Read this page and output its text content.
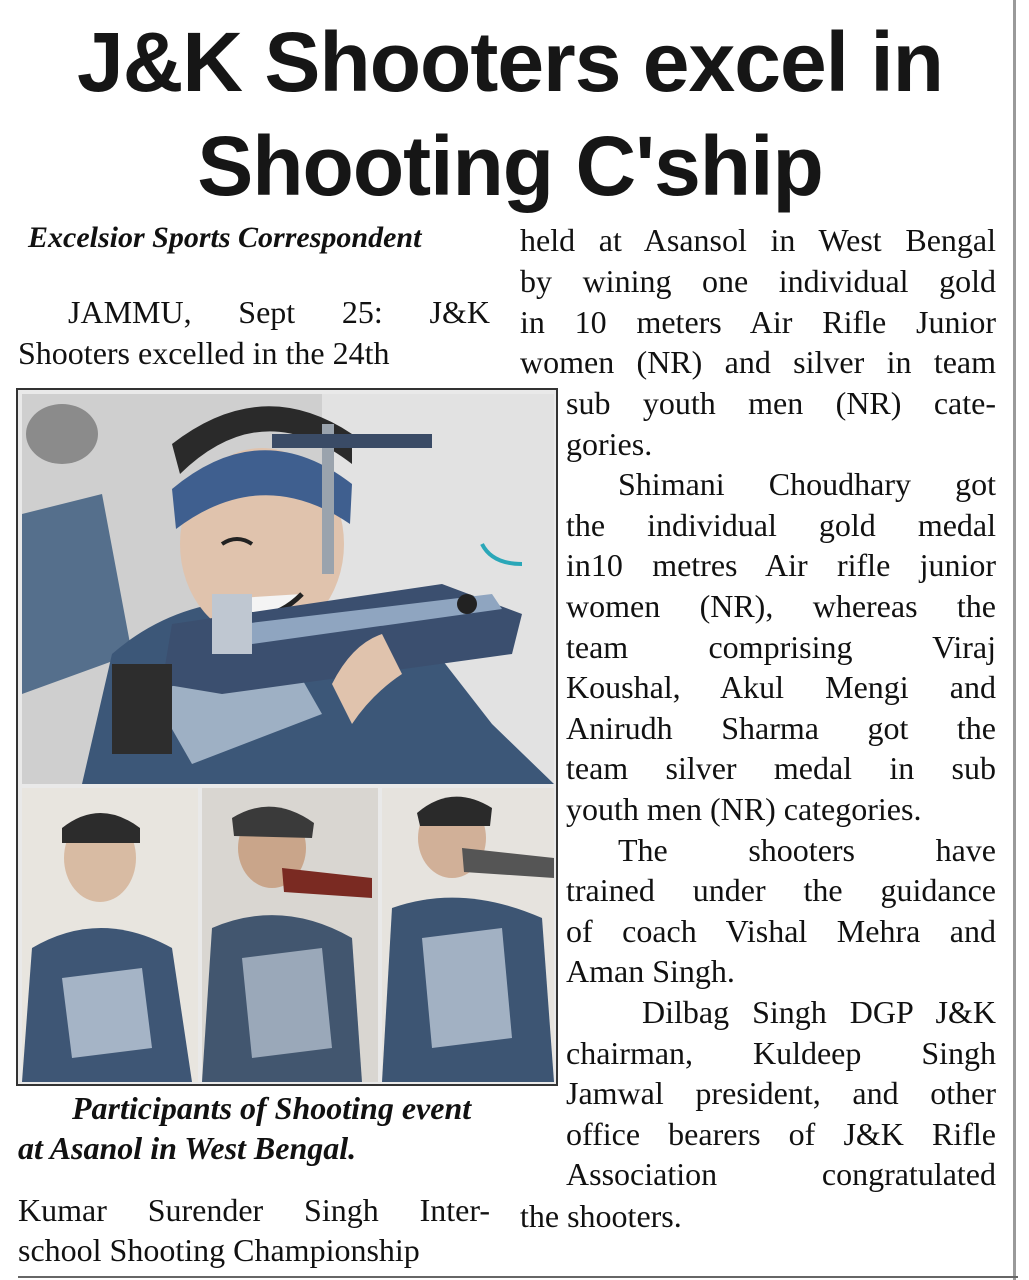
J&K Shooters excel in
Shooting C'ship
Excelsior Sports Correspondent
JAMMU, Sept 25: J&K
Shooters excelled in the 24th
held at Asansol in West Bengal
by wining one individual gold
in 10 meters Air Rifle Junior
women (NR) and silver in team
sub youth men (NR) cate-
gories.
Shimani Choudhary got
the individual gold medal
in10 metres Air rifle junior
women (NR), whereas the
team comprising Viraj
Koushal, Akul Mengi and
Anirudh Sharma got the
team silver medal in sub
youth men (NR) categories.
The shooters have
trained under the guidance
of coach Vishal Mehra and
Aman Singh.
Dilbag Singh DGP J&K
chairman, Kuldeep Singh
Jamwal president, and other
office bearers of J&K Rifle
Association congratulated
the shooters.
Participants of Shooting event
at Asanol in West Bengal.
Kumar Surender Singh Inter-
school Shooting Championship
